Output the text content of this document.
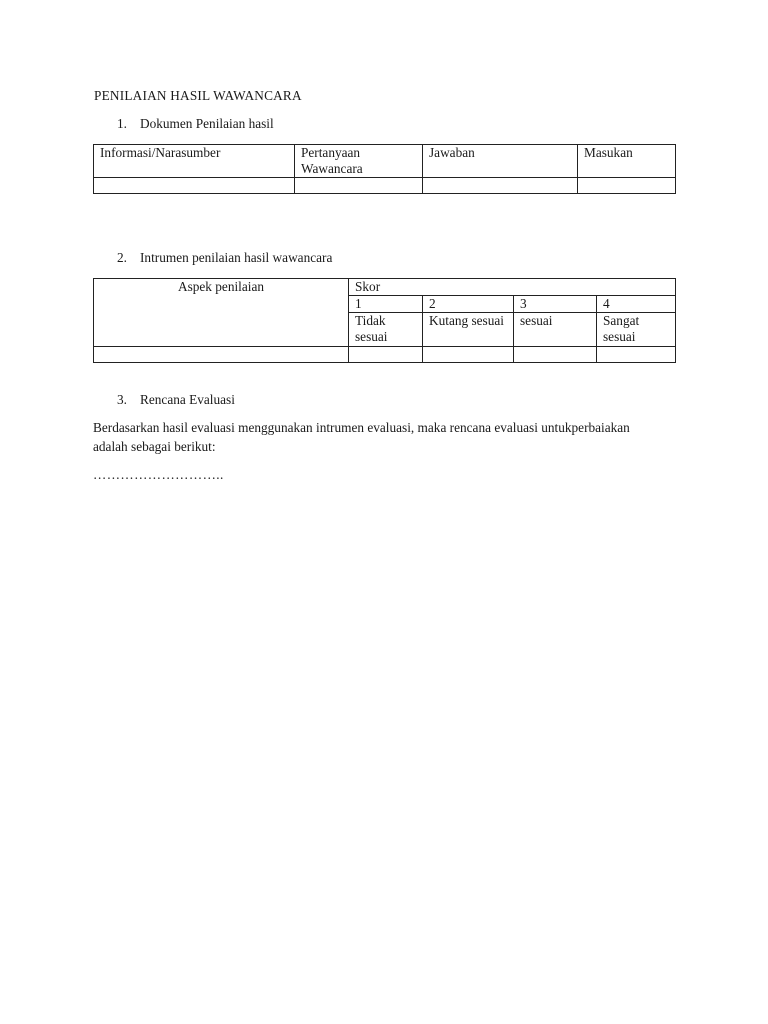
PENILAIAN HASIL WAWANCARA
1. Dokumen Penilaian hasil
Informasi/Narasumber	Pertanyaan Wawancara	Jawaban	Masukan

2. Intrumen penilaian hasil wawancara
Aspek penilaian	Skor			
	1	2	3	4
	Tidak sesuai	Kutang sesuai	sesuai	Sangat sesuai

3. Rencana Evaluasi
Berdasarkan hasil evaluasi menggunakan intrumen evaluasi, maka rencana evaluasi untukperbaiakan adalah sebagai berikut:
………………………..
